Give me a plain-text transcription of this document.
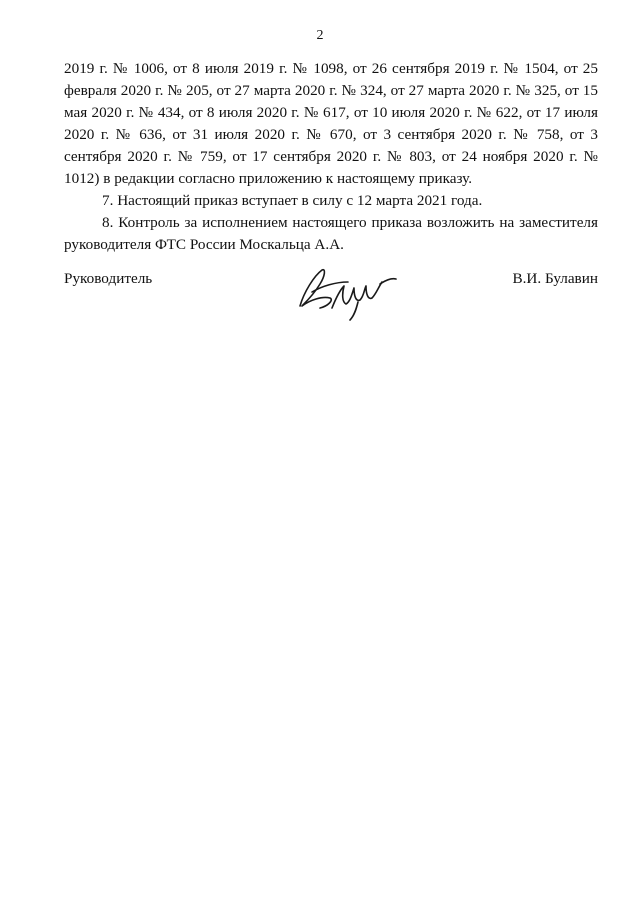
2

2019 г. № 1006, от 8 июля 2019 г. № 1098, от 26 сентября 2019 г. № 1504, от 25 февраля 2020 г. № 205, от 27 марта 2020 г. № 324, от 27 марта 2020 г. № 325, от 15 мая 2020 г. № 434, от 8 июля 2020 г. № 617, от 10 июля 2020 г. № 622, от 17 июля 2020 г. № 636, от 31 июля 2020 г. № 670, от 3 сентября 2020 г. № 758, от 3 сентября 2020 г. № 759, от 17 сентября 2020 г. № 803, от 24 ноября 2020 г. № 1012) в редакции согласно приложению к настоящему приказу.

7. Настоящий приказ вступает в силу с 12 марта 2021 года.

8. Контроль за исполнением настоящего приказа возложить на заместителя руководителя ФТС России Москальца А.А.

Руководитель	В.И. Булавин
